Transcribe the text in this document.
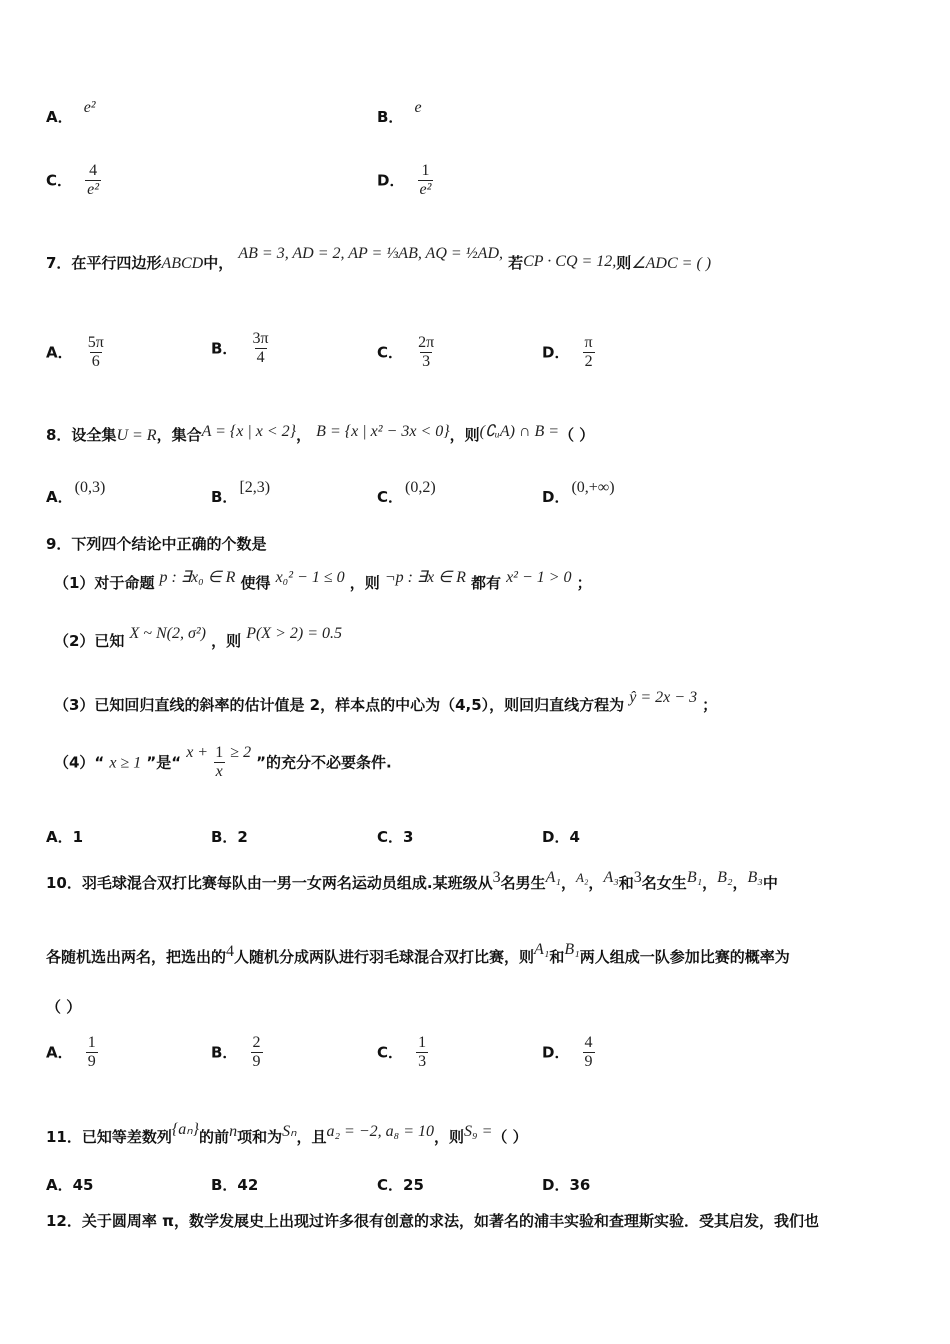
A． e²
B． e
C． $\frac{4}{\text{e²}}$	D． $\frac{1}{\text{e²}}$
7．在平行四边形ABCD中， AB = 3, AD = 2, AP = ⅓AB, AQ = ½AD, 若CP · CQ = 12,则∠ADC = ( )
A． $\frac{5\pi}{6}$	B． $\frac{3\pi}{4}$	C． $\frac{2\pi}{3}$	D． $\frac{\pi}{2}$
8．设全集U = R，集合A = {x | x < 2}， B = {x | x² − 3x < 0}，则(∁ᵤA) ∩ B =（ ）
A．(0,3)
B．[2,3)
C．(0,2)
D．(0,+∞)
9．下列四个结论中正确的个数是
（1）对于命题 p : ∃x₀ ∈ R 使得 x₀² − 1 ≤ 0 ，则 ¬p : ∃x ∈ R 都有 x² − 1 > 0 ；
（2）已知 X ~ N(2, σ²) ，则 P(X > 2) = 0.5
（3）已知回归直线的斜率的估计值是 2，样本点的中心为（4,5），则回归直线方程为 ŷ = 2x − 3 ；
（4）“ x ≥ 1 ”是“ $x + \frac{1}{x} \ge 2$ ”的充分不必要条件.
A．1	B．2	C．3	D．4
10．羽毛球混合双打比赛每队由一男一女两名运动员组成.某班级从3名男生A₁，$^{A_2}$，A₃和3名女生B₁，B₂，B₃中
各随机选出两名，把选出的4人随机分成两队进行羽毛球混合双打比赛，则A₁和B₁两人组成一队参加比赛的概率为
（ ）
A． $\frac{1}{9}$	B． $\frac{2}{9}$	C． $\frac{1}{3}$	D． $\frac{4}{9}$
11．已知等差数列{aₙ}的前n项和为Sₙ，且a₂ = −2, a₈ = 10，则S₉ =（ ）
A．45	B．42	C．25	D．36
12．关于圆周率 π，数学发展史上出现过许多很有创意的求法，如著名的浦丰实验和查理斯实验．受其启发，我们也
